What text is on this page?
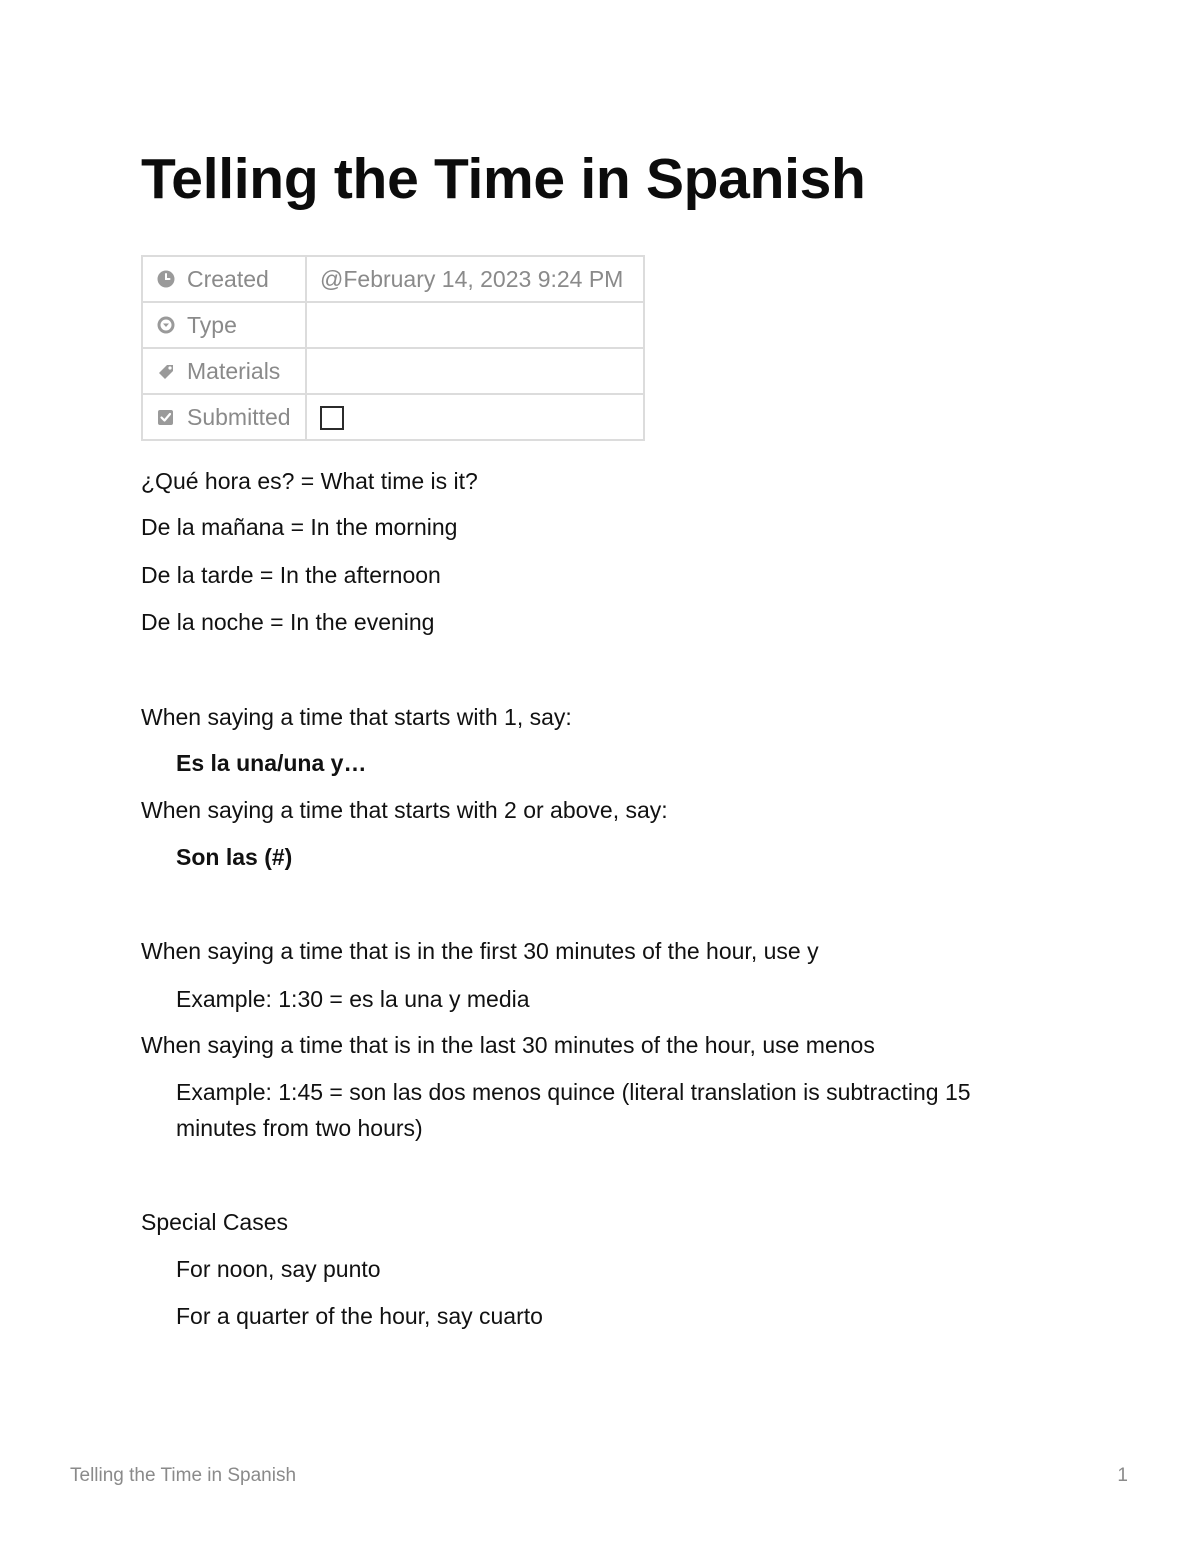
Telling the Time in Spanish
Created	@February 14, 2023 9:24 PM

Type	

Materials	

Submitted	

¿Qué hora es? = What time is it?

De la mañana = In the morning

De la tarde = In the afternoon

De la noche = In the evening

When saying a time that starts with 1, say:

Es la una/una y…

When saying a time that starts with 2 or above, say:

Son las (#)

When saying a time that is in the first 30 minutes of the hour, use y

Example: 1:30 = es la una y media

When saying a time that is in the last 30 minutes of the hour, use menos

Example: 1:45 = son las dos menos quince (literal translation is subtracting 15 minutes from two hours)

Special Cases

For noon, say punto

For a quarter of the hour, say cuarto

Telling the Time in Spanish	1
